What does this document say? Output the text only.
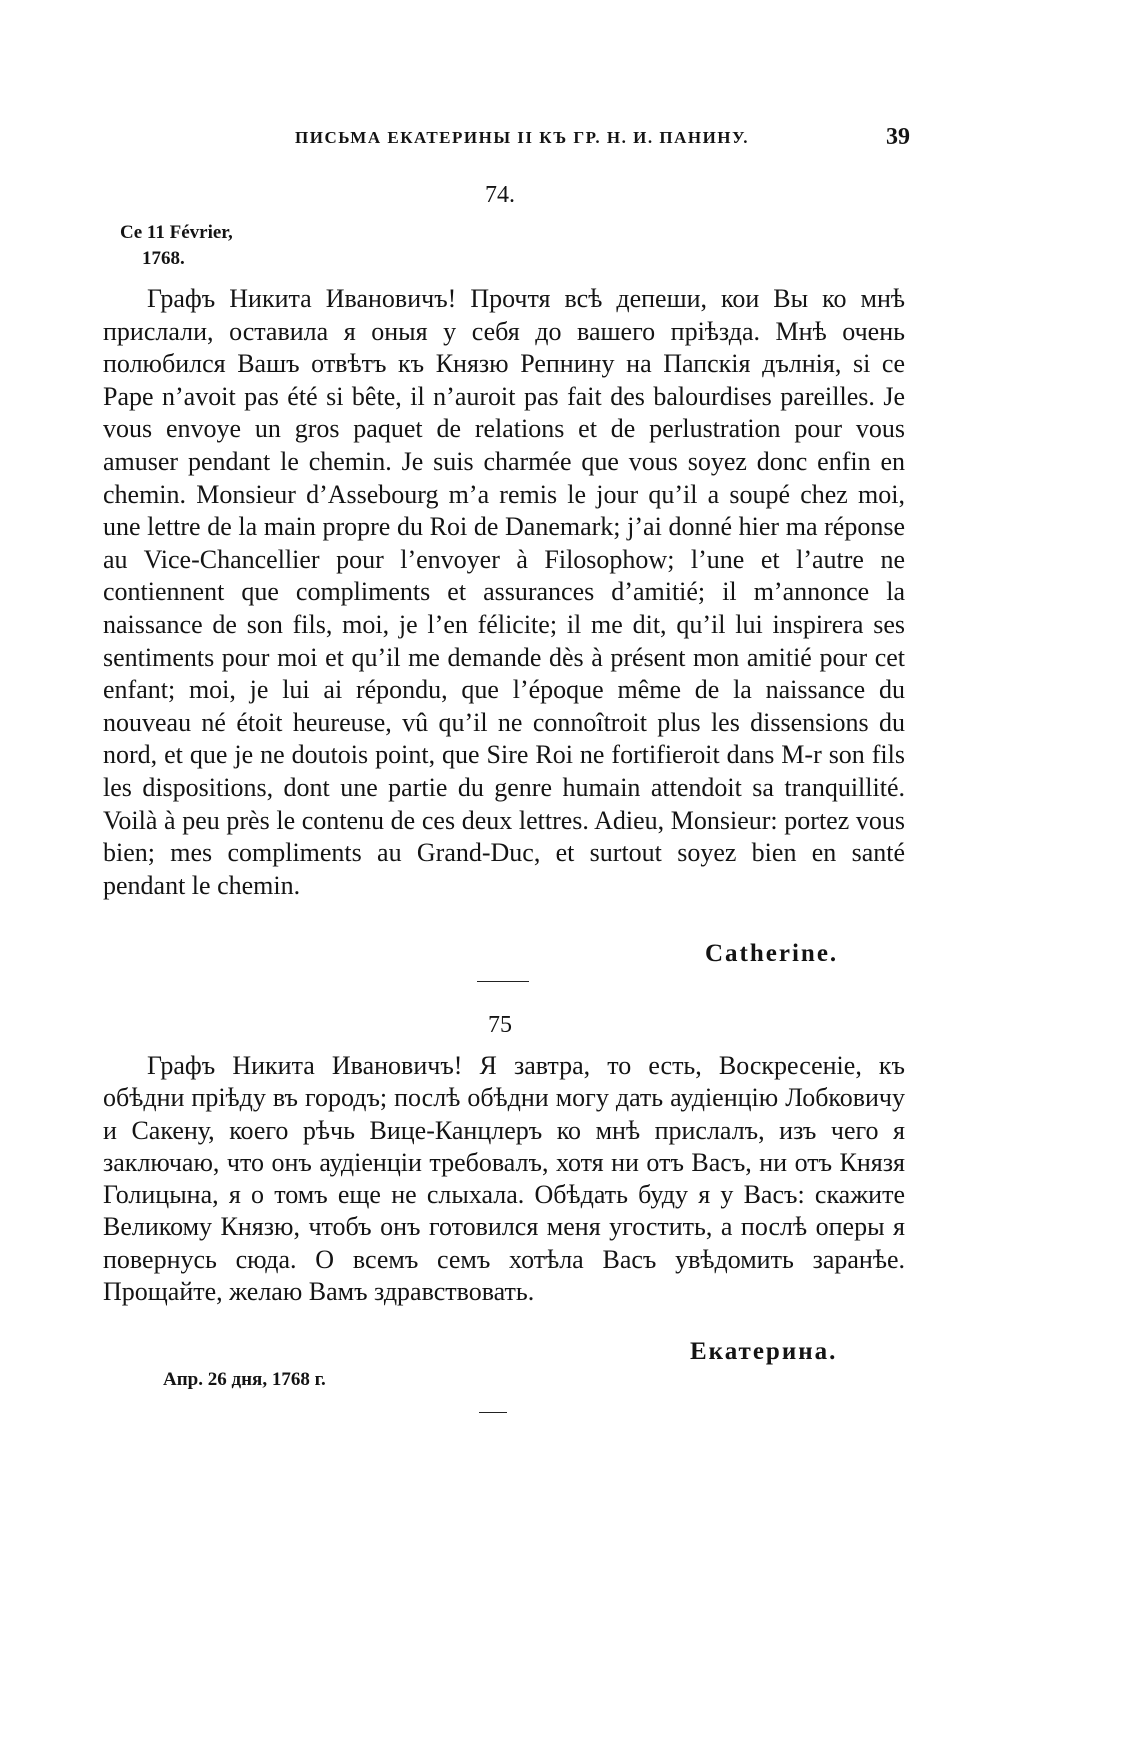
ПИСЬМА ЕКАТЕРИНЫ II КЪ ГР. Н. И. ПАНИНУ.	39
74.
Ce 11 Février,
1768.

Графъ Никита Ивановичъ! Прочтя всѣ депеши, кои Вы ко мнѣ прислали, оставила я оныя у себя до вашего прiѣзда. Мнѣ очень полюбился Вашъ отвѣтъ къ Князю Репнину на Папскiя дълнiя, si ce Pape n’avoit pas été si bête, il n’auroit pas fait des balourdises pareilles. Je vous envoye un gros paquet de relations et de perlustration pour vous amuser pendant le chemin. Je suis charmée que vous soyez donc enfin en chemin. Monsieur d’Assebourg m’a remis le jour qu’il a soupé chez moi, une lettre de la main propre du Roi de Danemark; j’ai donné hier ma réponse au Vice-Chancellier pour l’envoyer à Filosophow; l’une et l’autre ne contiennent que compliments et assurances d’amitié; il m’annonce la naissance de son fils, moi, je l’en félicite; il me dit, qu’il lui inspirera ses sentiments pour moi et qu’il me demande dès à présent mon amitié pour cet enfant; moi, je lui ai répondu, que l’époque même de la naissance du nouveau né étoit heureuse, vû qu’il ne connoîtroit plus les dissensions du nord, et que je ne doutois point, que Sire Roi ne fortifieroit dans M-r son fils les dispositions, dont une partie du genre humain attendoit sa tranquillité. Voilà à peu près le contenu de ces deux lettres. Adieu, Monsieur: portez vous bien; mes compliments au Grand-Duc, et surtout soyez bien en santé pendant le chemin.

Catherine.
75

Графъ Никита Ивановичъ! Я завтра, то есть, Воскресенiе, къ обѣдни прiѣду въ городъ; послѣ обѣдни могу дать аудiенцiю Лобковичу и Сакену, коего рѣчь Вице-Канцлеръ ко мнѣ прислалъ, изъ чего я заключаю, что онъ аудiенцiи требовалъ, хотя ни отъ Васъ, ни отъ Князя Голицына, я о томъ еще не слыхала. Обѣдать буду я у Васъ: скажите Великому Князю, чтобъ онъ готовился меня угостить, а послѣ оперы я повернусь сюда. О всемъ семъ хотѣла Васъ увѣдомить заранѣе. Прощайте, желаю Вамъ здравствовать.

Екатерина.
Апр. 26 дня, 1768 г.
